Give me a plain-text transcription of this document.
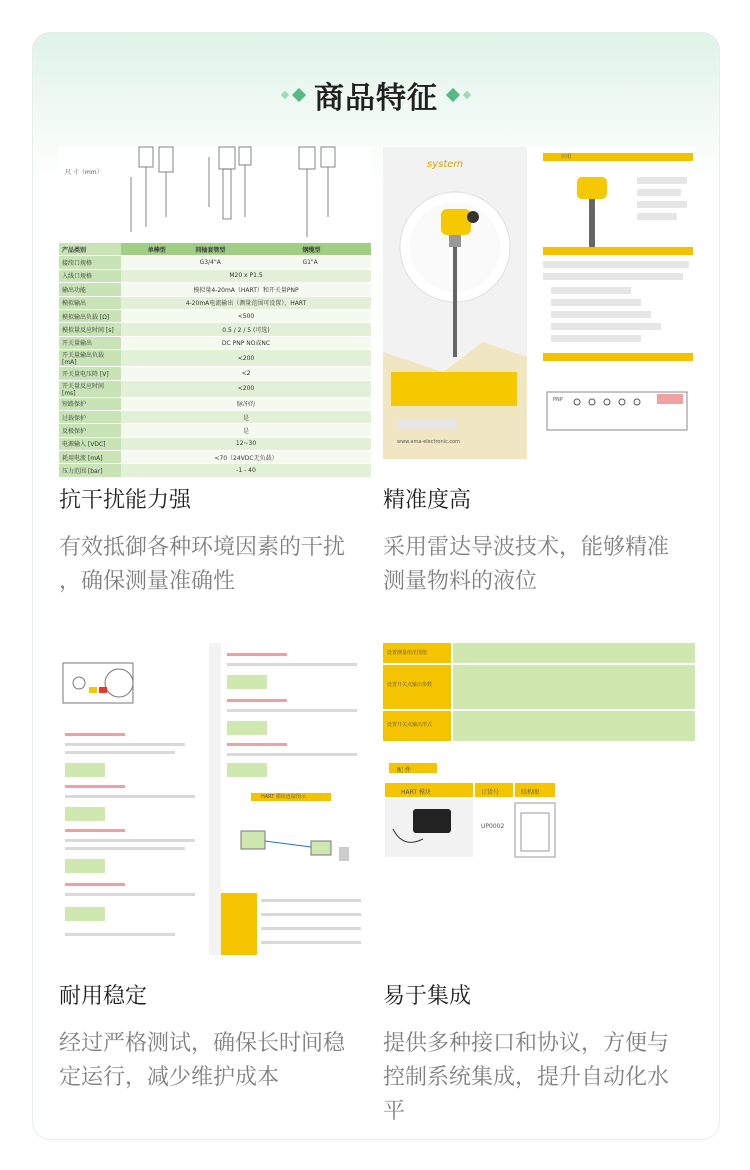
商品特征
尺 寸（mm）
产品类别	单棒型	同轴套管型	钢缆型
接续口规格	G3/4"A		G1"A
入线口规格	M20 x P1.5		
输出功能	模拟量4-20mA（HART）和开关量PNP		
模拟输出	4-20mA电流输出（测量范围可设置），HART		
模拟输出负载 [Ω]	<500		
模拟量反应时间 [s]	0.5 / 2 / 5 (可选)		
开关量输出	DC PNP NO或NC		
开关量输出负载 [mA]	<200		
开关量电压降 [V]	<2		
开关量反应时间 [ms]	<200		
短路保护	脉冲的		
过载保护	是		
反极保护	是		
电源输入 [VDC]	12~30		
耗用电流 [mA]	<70（24VDC无负载）		
压力范围 [bar]	-1 - 40		
system
www.ama-electronic.com
应用
PNP
抗干扰能力强
有效抵御各种环境因素的干扰
，确保测量准确性
精准度高
采用雷达导波技术，能够精准
测量物料的液位
HART 模块连接图示
设置测量组范围值
设置开关点输出参数
设置开关点输出形式
配 件
HART 模块	订货号	结构图
UP0002
耐用稳定
经过严格测试，确保长时间稳
定运行，减少维护成本
易于集成
提供多种接口和协议，方便与
控制系统集成，提升自动化水
平
